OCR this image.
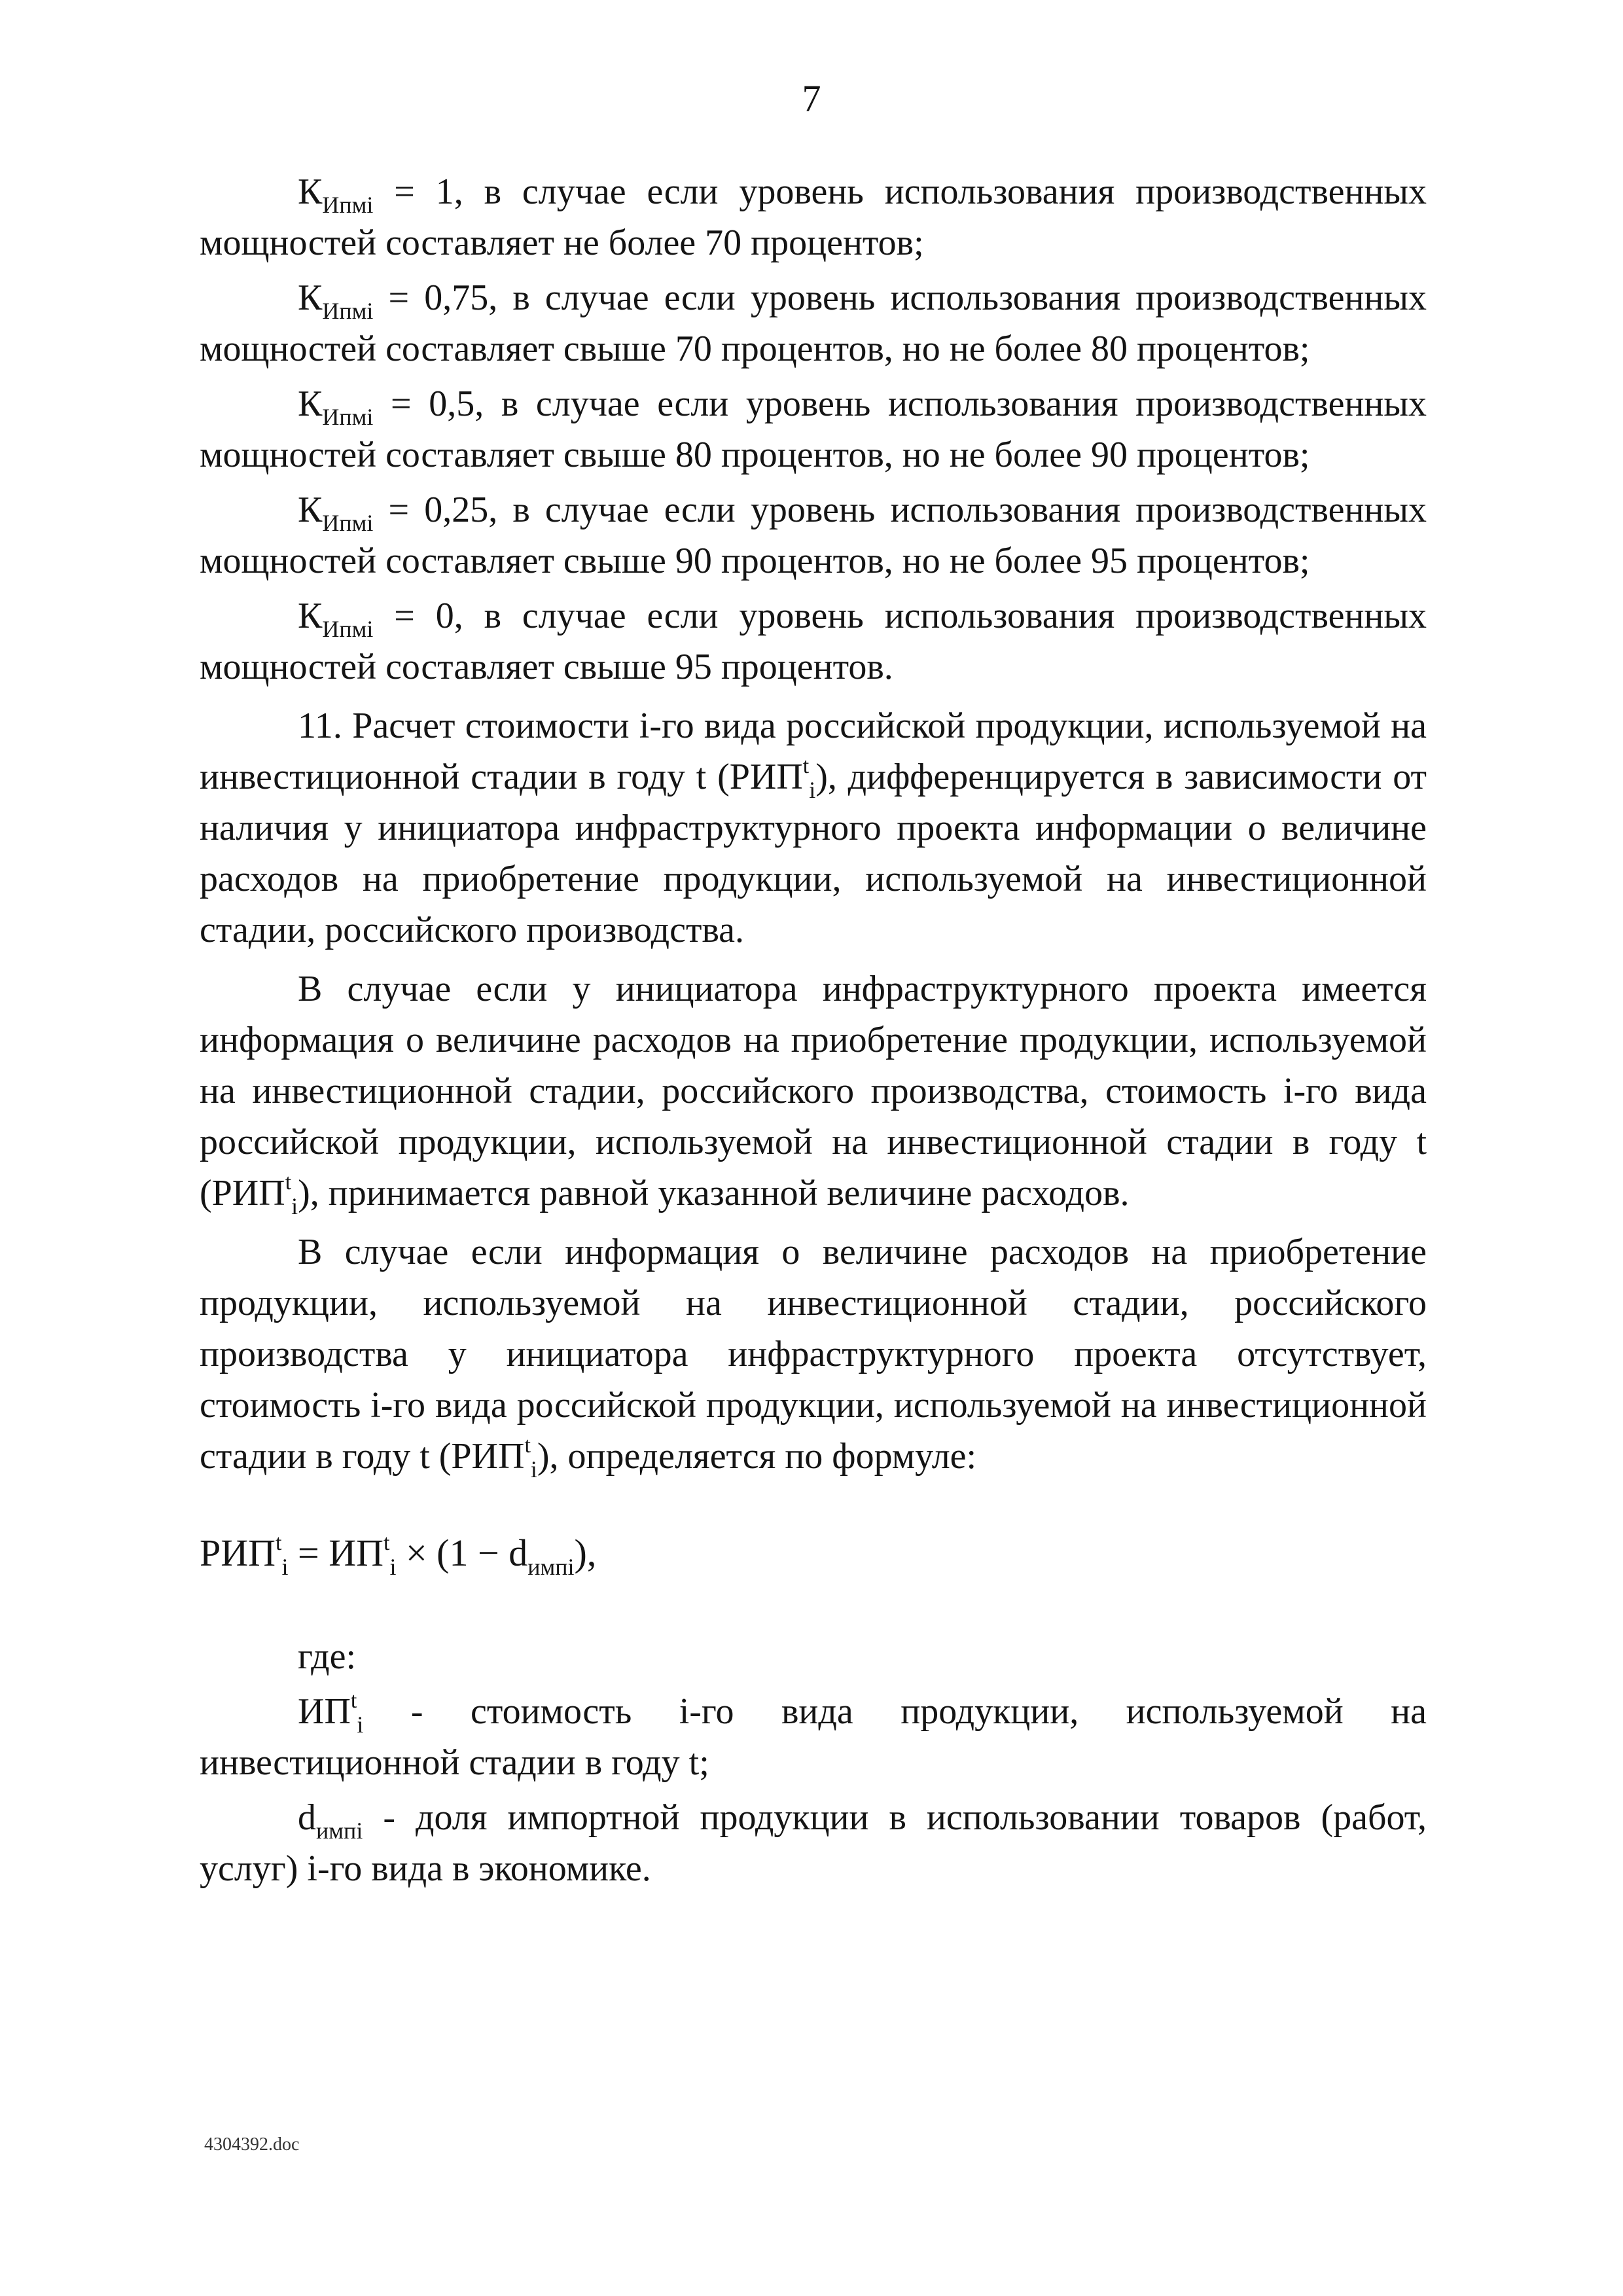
7

$К_{Ипмi} = 1$, в случае если уровень использования производственных мощностей составляет не более 70 процентов;

$К_{Ипмi} = 0,75$, в случае если уровень использования производственных мощностей составляет свыше 70 процентов, но не более 80 процентов;

$К_{Ипмi} = 0,5$, в случае если уровень использования производственных мощностей составляет свыше 80 процентов, но не более 90 процентов;

$К_{Ипмi} = 0,25$, в случае если уровень использования производственных мощностей составляет свыше 90 процентов, но не более 95 процентов;

$К_{Ипмi} = 0$, в случае если уровень использования производственных мощностей составляет свыше 95 процентов.

11. Расчет стоимости i-го вида российской продукции, используемой на инвестиционной стадии в году t $(РИП^t_i)$, дифференцируется в зависимости от наличия у инициатора инфраструктурного проекта информации о величине расходов на приобретение продукции, используемой на инвестиционной стадии, российского производства.

В случае если у инициатора инфраструктурного проекта имеется информация о величине расходов на приобретение продукции, используемой на инвестиционной стадии, российского производства, стоимость i-го вида российской продукции, используемой на инвестиционной стадии в году t $(РИП^t_i)$, принимается равной указанной величине расходов.

В случае если информация о величине расходов на приобретение продукции, используемой на инвестиционной стадии, российского производства у инициатора инфраструктурного проекта отсутствует, стоимость i-го вида российской продукции, используемой на инвестиционной стадии в году t $(РИП^t_i)$, определяется по формуле:

$РИП^t_i = ИП^t_i \times (1 - d_{импi})$,

где:

$ИП^t_i$ - стоимость i-го вида продукции, используемой на инвестиционной стадии в году t;

$d_{импi}$ - доля импортной продукции в использовании товаров (работ, услуг) i-го вида в экономике.

4304392.doc
